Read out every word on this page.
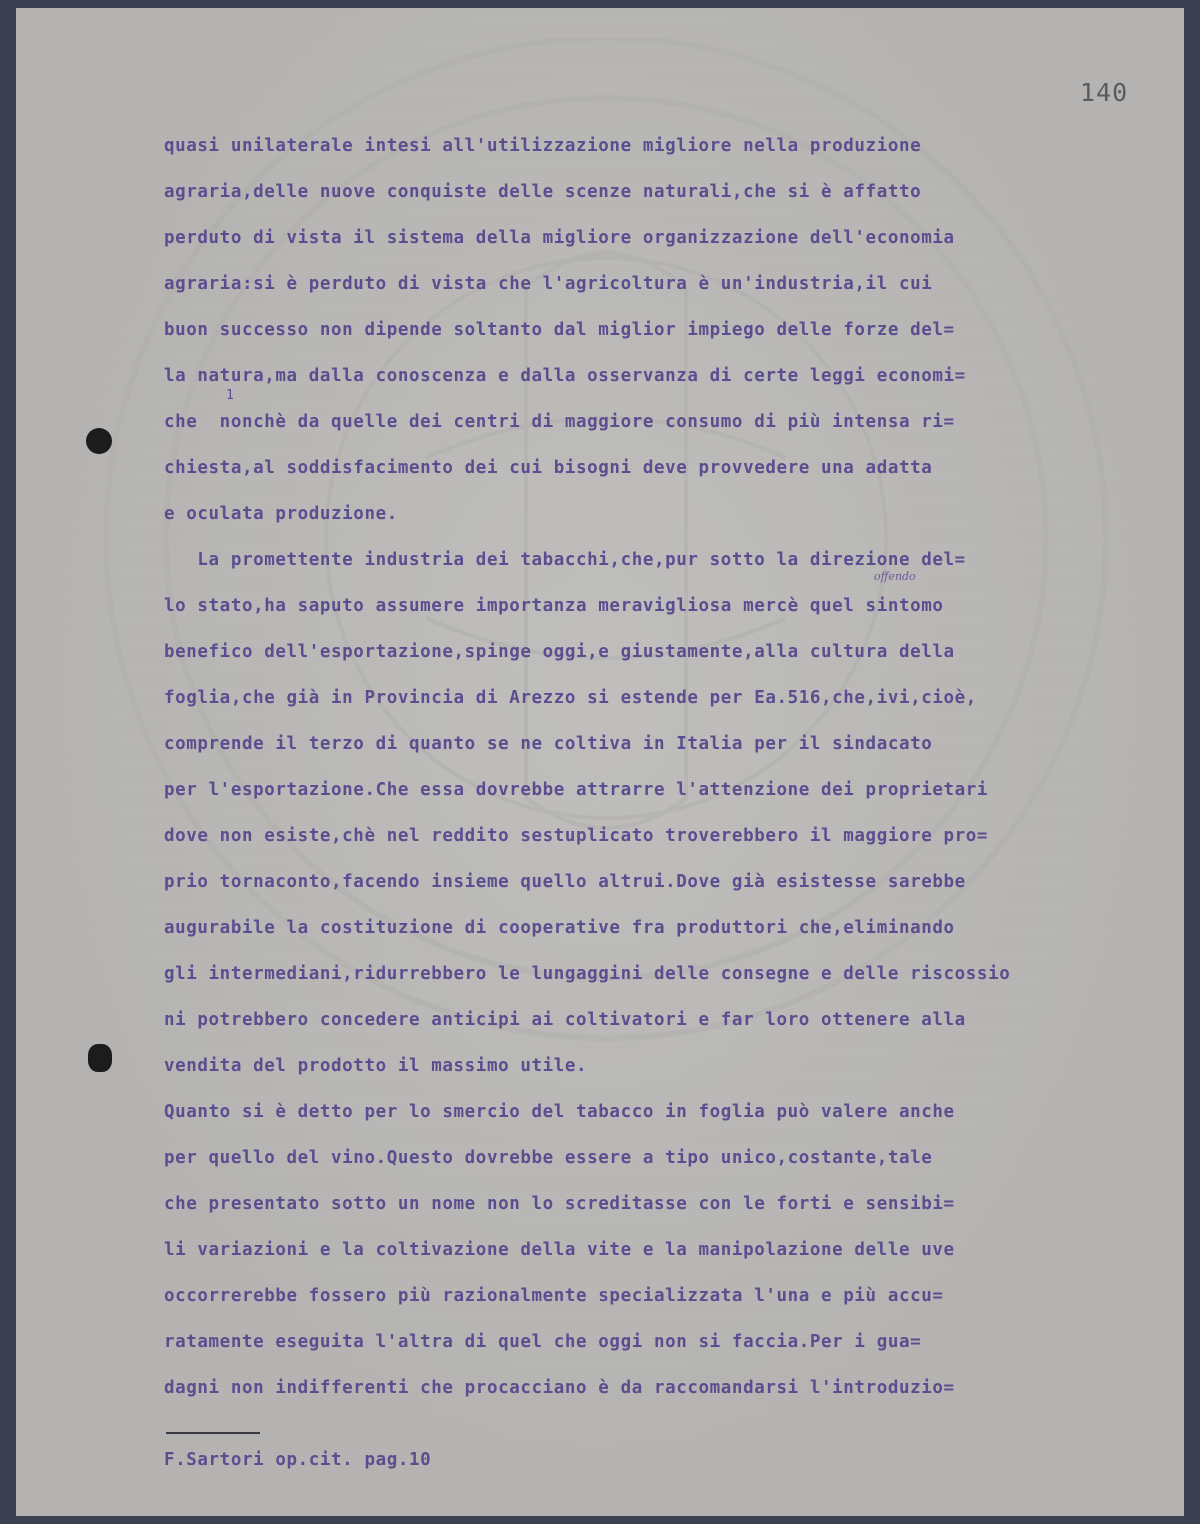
140
offendo
quasi unilaterale intesi all'utilizzazione migliore nella produzione
agraria,delle nuove conquiste delle scenze naturali,che si è affatto
perduto di vista il sistema della migliore organizzazione dell'economia
agraria:si è perduto di vista che l'agricoltura è un'industria,il cui
buon successo non dipende soltanto dal miglior impiego delle forze del=
la natura,ma dalla conoscenza e dalla osservanza di certe leggi economi=
che  nonchè da quelle dei centri di maggiore consumo di più intensa ri=
chiesta,al soddisfacimento dei cui bisogni deve provvedere una adatta
e oculata produzione.
La promettente industria dei tabacchi,che,pur sotto la direzione del=
lo stato,ha saputo assumere importanza meravigliosa mercè quel sintomo
benefico dell'esportazione,spinge oggi,e giustamente,alla cultura della
foglia,che già in Provincia di Arezzo si estende per Ea.516,che,ivi,cioè,
comprende il terzo di quanto se ne coltiva in Italia per il sindacato
per l'esportazione.Che essa dovrebbe attrarre l'attenzione dei proprietari
dove non esiste,chè nel reddito sestuplicato troverebbero il maggiore pro=
prio tornaconto,facendo insieme quello altrui.Dove già esistesse sarebbe
augurabile la costituzione di cooperative fra produttori che,eliminando
gli intermediani,ridurrebbero le lungaggini delle consegne e delle riscossio
ni potrebbero concedere anticipi ai coltivatori e far loro ottenere alla
vendita del prodotto il massimo utile.
Quanto si è detto per lo smercio del tabacco in foglia può valere anche
per quello del vino.Questo dovrebbe essere a tipo unico,costante,tale
che presentato sotto un nome non lo screditasse con le forti e sensibi=
li variazioni e la coltivazione della vite e la manipolazione delle uve
occorrerebbe fossero più razionalmente specializzata l'una e più accu=
ratamente eseguita l'altra di quel che oggi non si faccia.Per i gua=
dagni non indifferenti che procacciano è da raccomandarsi l'introduzio=
F.Sartori op.cit. pag.10
1
